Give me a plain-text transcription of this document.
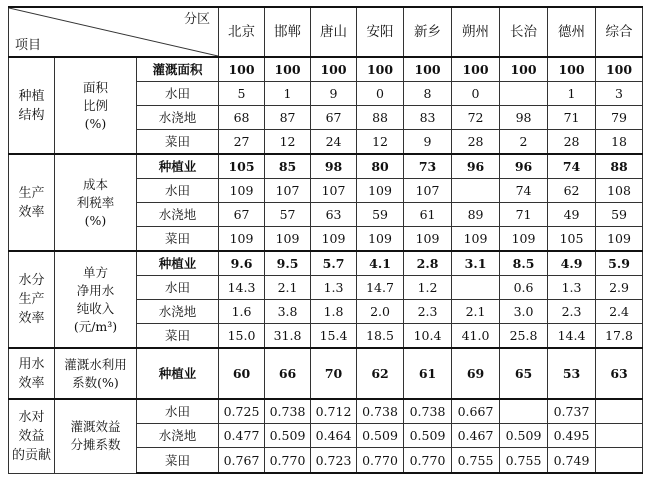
分区
项目			北京	邯郸	唐山	安阳	新乡	朔州	长治	德州	综合

种植
结构	面积
比例
(%)	灌溉面积	100	100	100	100	100	100	100	100	100
		水田	5	1	9	0	8	0		1	3
		水浇地	68	87	67	88	83	72	98	71	79
		菜田	27	12	24	12	9	28	2	28	18

生产
效率	成本
利税率
(%)	种植业	105	85	98	80	73	96	96	74	88
		水田	109	107	107	109	107		74	62	108
		水浇地	67	57	63	59	61	89	71	49	59
		菜田	109	109	109	109	109	109	109	105	109

水分
生产
效率	单方
净用水
纯收入
(元/m³)	种植业	9.6	9.5	5.7	4.1	2.8	3.1	8.5	4.9	5.9
		水田	14.3	2.1	1.3	14.7	1.2		0.6	1.3	2.9
		水浇地	1.6	3.8	1.8	2.0	2.3	2.1	3.0	2.3	2.4
		菜田	15.0	31.8	15.4	18.5	10.4	41.0	25.8	14.4	17.8

用水
效率	灌溉水利用
系数(%)	种植业	60	66	70	62	61	69	65	53	63

水对
效益
的贡献	灌溉效益
分摊系数	水田	0.725	0.738	0.712	0.738	0.738	0.667		0.737	
		水浇地	0.477	0.509	0.464	0.509	0.509	0.467	0.509	0.495	
		菜田	0.767	0.770	0.723	0.770	0.770	0.755	0.755	0.749	
